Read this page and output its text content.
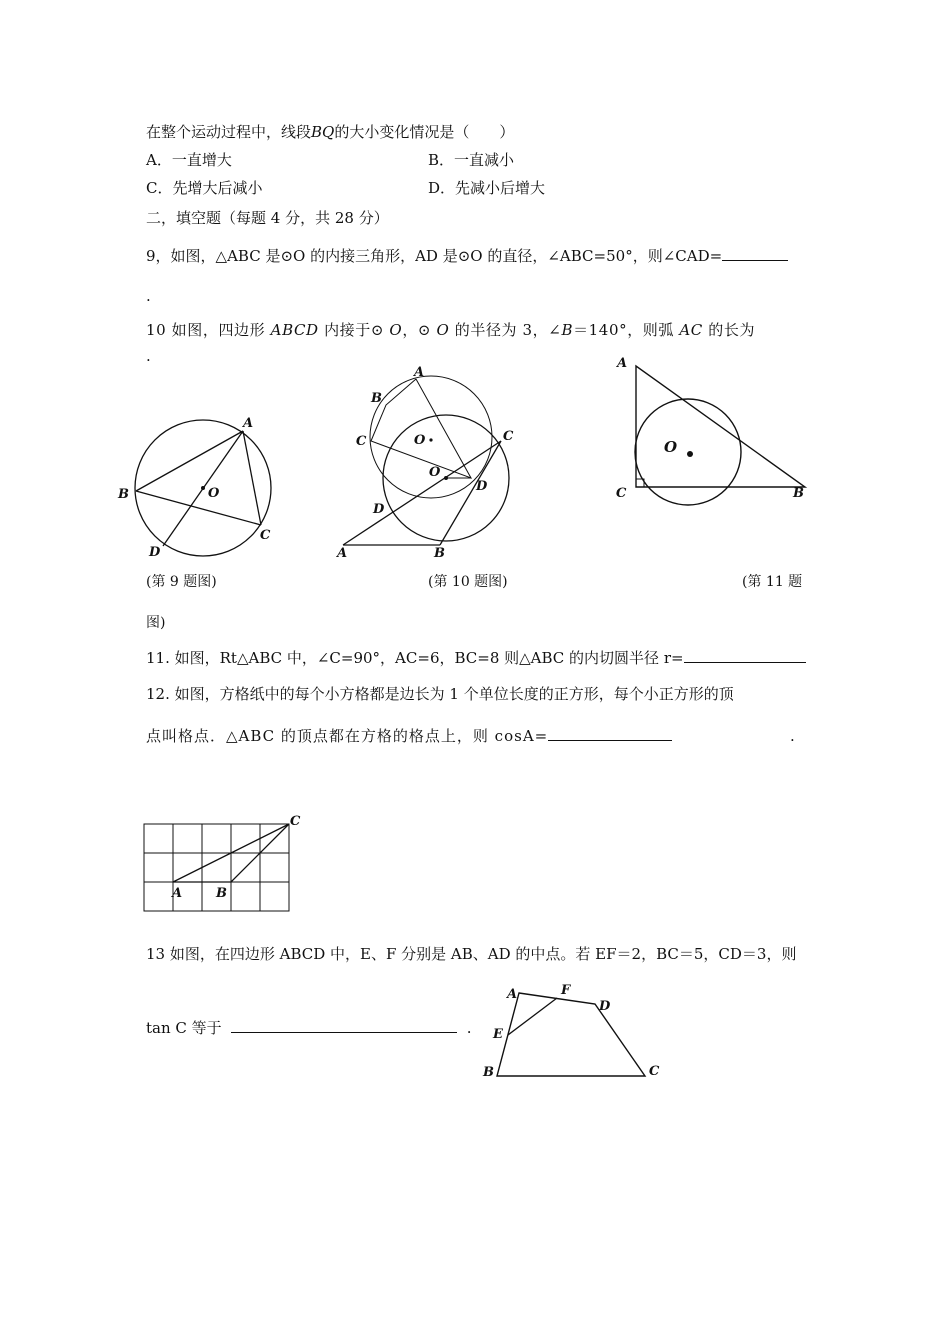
在整个运动过程中，线段BQ的大小变化情况是（　　）
A．一直增大	B．一直减小
C．先增大后减小	D．先减小后增大
二，填空题（每题 4 分，共 28 分）
9，如图，△ABC 是⊙O 的内接三角形，AD 是⊙O 的直径，∠ABC=50°，则∠CAD=
.
10 如图，四边形 ABCD 内接于⊙ O，⊙ O 的半径为 3，∠B＝140°，则弧 AC 的长为
.
A
B
C
D
O
(第 9 题图)
A
B
C	O	C
O
D
D
A	B
(第 10 题图)
A
O
C	B
(第 11 题
图)
11. 如图，Rt△ABC 中，∠C=90°，AC=6，BC=8 则△ABC 的内切圆半径 r=
12. 如图，方格纸中的每个小方格都是边长为 1 个单位长度的正方形，每个小正方形的顶
点叫格点．△ABC 的顶点都在方格的格点上，则 cosA=	.
A	B
C
13 如图，在四边形 ABCD 中，E、F 分别是 AB、AD 的中点。若 EF＝2，BC＝5，CD＝3，则
tan C 等于	.
A	F
D
E
B	C
